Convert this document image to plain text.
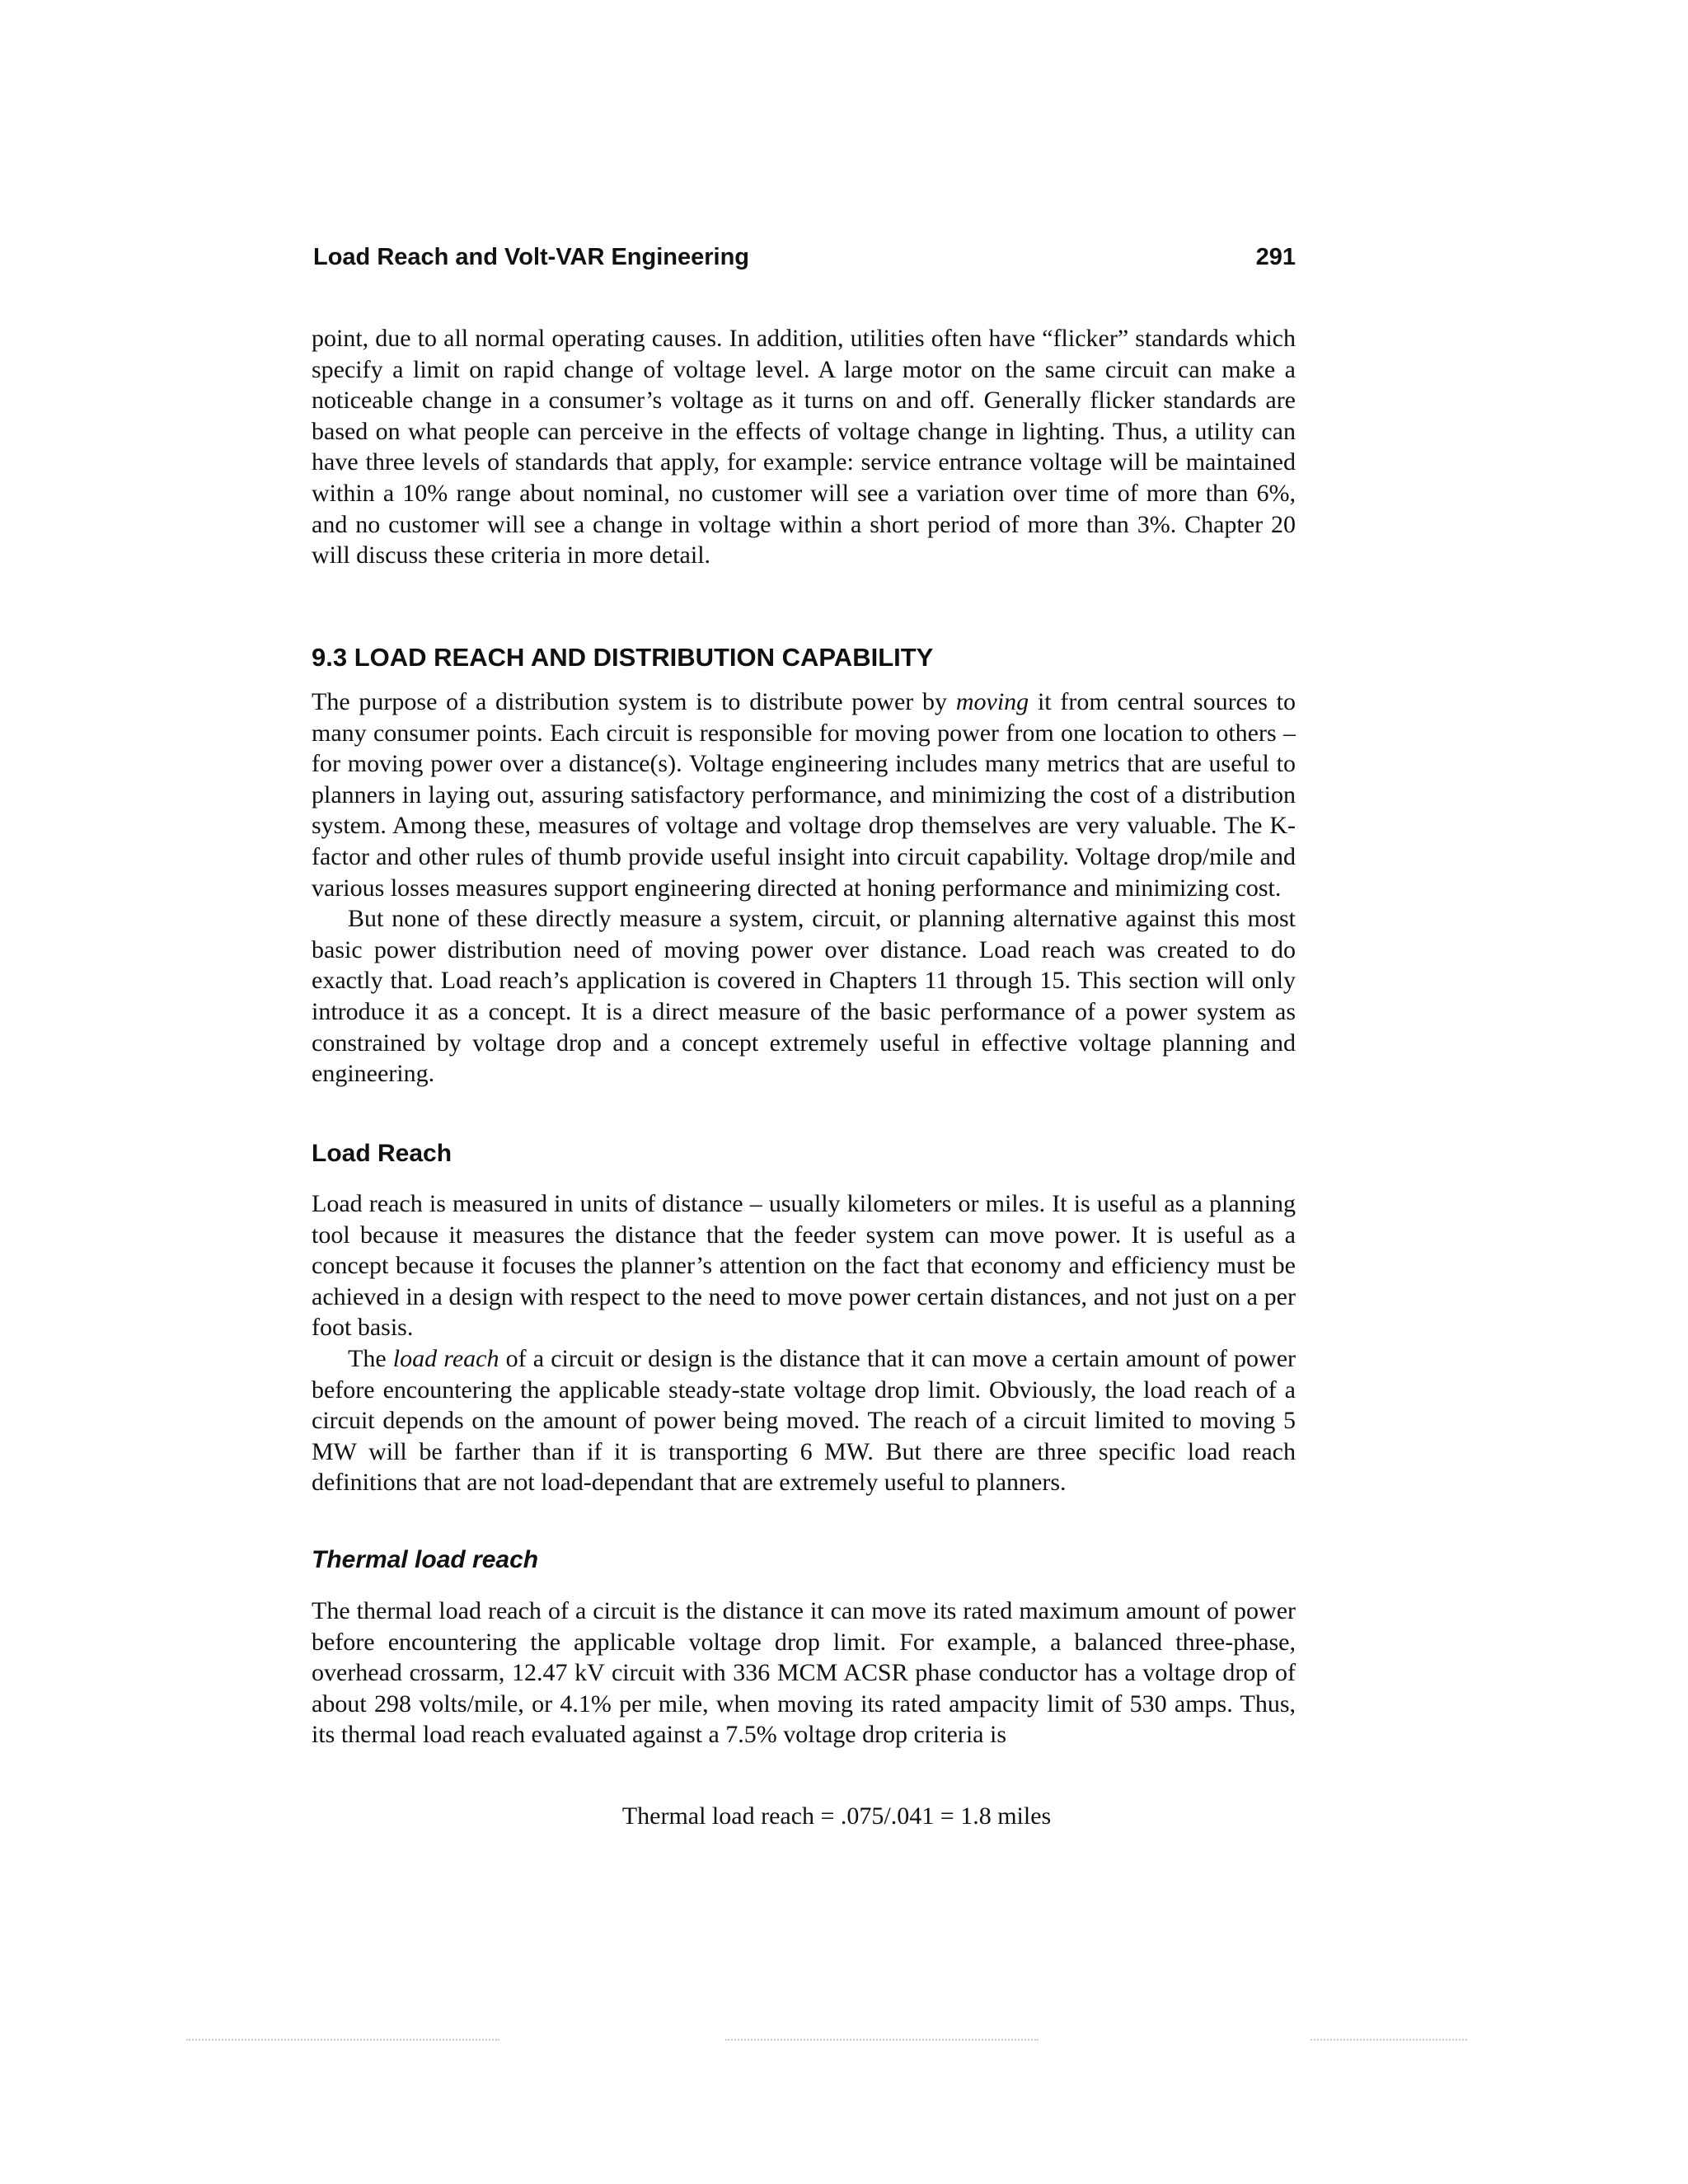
Load Reach and Volt-VAR Engineering	291

point, due to all normal operating causes. In addition, utilities often have “flicker” standards which specify a limit on rapid change of voltage level. A large motor on the same circuit can make a noticeable change in a consumer’s voltage as it turns on and off. Generally flicker standards are based on what people can perceive in the effects of voltage change in lighting. Thus, a utility can have three levels of standards that apply, for example: service entrance voltage will be maintained within a 10% range about nominal, no customer will see a variation over time of more than 6%, and no customer will see a change in voltage within a short period of more than 3%. Chapter 20 will discuss these criteria in more detail.

9.3 LOAD REACH AND DISTRIBUTION CAPABILITY

The purpose of a distribution system is to distribute power by moving it from central sources to many consumer points. Each circuit is responsible for moving power from one location to others – for moving power over a distance(s). Voltage engineering includes many metrics that are useful to planners in laying out, assuring satisfactory performance, and minimizing the cost of a distribution system. Among these, measures of voltage and voltage drop themselves are very valuable. The K-factor and other rules of thumb provide useful insight into circuit capability. Voltage drop/mile and various losses measures support engineering directed at honing performance and minimizing cost.

But none of these directly measure a system, circuit, or planning alternative against this most basic power distribution need of moving power over distance. Load reach was created to do exactly that. Load reach’s application is covered in Chapters 11 through 15. This section will only introduce it as a concept. It is a direct measure of the basic performance of a power system as constrained by voltage drop and a concept extremely useful in effective voltage planning and engineering.

Load Reach

Load reach is measured in units of distance – usually kilometers or miles. It is useful as a planning tool because it measures the distance that the feeder system can move power. It is useful as a concept because it focuses the planner’s attention on the fact that economy and efficiency must be achieved in a design with respect to the need to move power certain distances, and not just on a per foot basis.

The load reach of a circuit or design is the distance that it can move a certain amount of power before encountering the applicable steady-state voltage drop limit. Obviously, the load reach of a circuit depends on the amount of power being moved. The reach of a circuit limited to moving 5 MW will be farther than if it is transporting 6 MW. But there are three specific load reach definitions that are not load-dependant that are extremely useful to planners.

Thermal load reach

The thermal load reach of a circuit is the distance it can move its rated maximum amount of power before encountering the applicable voltage drop limit. For example, a balanced three-phase, overhead crossarm, 12.47 kV circuit with 336 MCM ACSR phase conductor has a voltage drop of about 298 volts/mile, or 4.1% per mile, when moving its rated ampacity limit of 530 amps. Thus, its thermal load reach evaluated against a 7.5% voltage drop criteria is

Thermal load reach = .075/.041 = 1.8 miles
